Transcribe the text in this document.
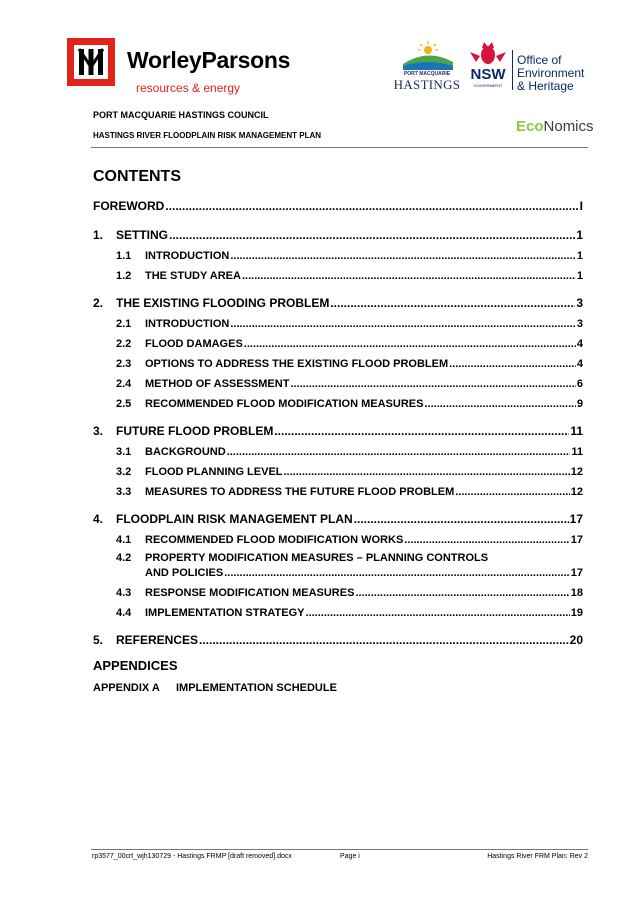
WorleyParsons
resources & energy
PORT MACQUARIE
HASTINGS
NSW
GOVERNMENT
Office of
Environment
& Heritage
PORT MACQUARIE HASTINGS COUNCIL
HASTINGS RIVER FLOODPLAIN RISK MANAGEMENT PLAN
EcoNomics
CONTENTS
FOREWORD .....	I
1.	SETTING .....	1
1.1	INTRODUCTION .....	1
1.2	THE STUDY AREA .....	1
2.	THE EXISTING FLOODING PROBLEM .....	3
2.1	INTRODUCTION .....	3
2.2	FLOOD DAMAGES .....	4
2.3	OPTIONS TO ADDRESS THE EXISTING FLOOD PROBLEM .....	4
2.4	METHOD OF ASSESSMENT .....	6
2.5	RECOMMENDED FLOOD MODIFICATION MEASURES .....	9
3.	FUTURE FLOOD PROBLEM .....	11
3.1	BACKGROUND .....	11
3.2	FLOOD PLANNING LEVEL .....	12
3.3	MEASURES TO ADDRESS THE FUTURE FLOOD PROBLEM .....	12
4.	FLOODPLAIN RISK MANAGEMENT PLAN .....	17
4.1	RECOMMENDED FLOOD MODIFICATION WORKS .....	17
4.2	PROPERTY MODIFICATION MEASURES – PLANNING CONTROLS
AND POLICIES .....	17
4.3	RESPONSE MODIFICATION MEASURES .....	18
4.4	IMPLEMENTATION STRATEGY .....	19
5.	REFERENCES .....	20
APPENDICES
APPENDIX A IMPLEMENTATION SCHEDULE
rp3577_00crt_wjh130729 - Hastings FRMP [draft removed].docx	Page i	Hastings River FRM Plan: Rev 2
